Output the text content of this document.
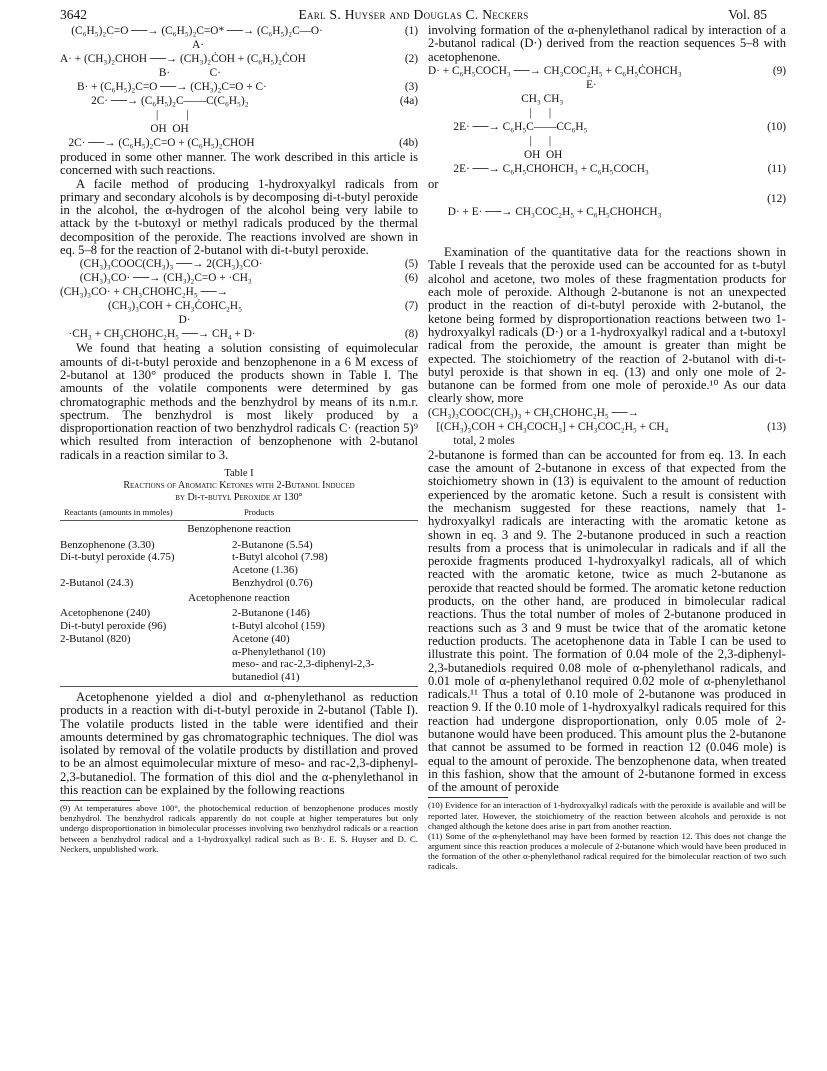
3642	Earl S. Huyser and Douglas C. Neckers	Vol. 85
(C₆H₅)₂C=O ──→ (C₆H₅)₂C=O* ──→ (C₆H₅)₂C—O·	(1)
A·
A· + (CH₃)₂CHOH ──→ (CH₃)₂ĊOH + (C₆H₅)₂ĊOH	(2)
B·              C·
B· + (C₆H₅)₂C=O ──→ (CH₃)₂C=O + C·	(3)
2C· ──→ (C₆H₅)₂C——C(C₆H₅)₂	(4a)
|          |
OH  OH
2C· ──→ (C₆H₅)₂C=O + (C₆H₅)₂CHOH	(4b)

produced in some other manner. The work described in this article is concerned with such reactions.

A facile method of producing 1-hydroxyalkyl radicals from primary and secondary alcohols is by decomposing di-t-butyl peroxide in the alcohol, the α-hydrogen of the alcohol being very labile to attack by the t-butoxyl or methyl radicals produced by the thermal decomposition of the peroxide. The reactions involved are shown in eq. 5–8 for the reaction of 2-butanol with di-t-butyl peroxide.

(CH₃)₃COOC(CH₃)₃ ──→ 2(CH₃)₃CO·	(5)
(CH₃)₃CO· ──→ (CH₃)₂C=O + ·CH₃	(6)
(CH₃)₃CO· + CH₃CHOHC₂H₅ ──→
(CH₃)₃COH + CH₃ĊOHC₂H₅	(7)
D·
·CH₃ + CH₃CHOHC₂H₅ ──→ CH₄ + D·	(8)

We found that heating a solution consisting of equimolecular amounts of di-t-butyl peroxide and benzophenone in a 6 M excess of 2-butanol at 130° produced the products shown in Table I. The amounts of the volatile components were determined by gas chromatographic methods and the benzhydrol by means of its n.m.r. spectrum. The benzhydrol is most likely produced by a disproportionation reaction of two benzhydrol radicals C· (reaction 5)⁹ which resulted from interaction of benzophenone with 2-butanol radicals in a reaction similar to 3.

Table I
Reactions of Aromatic Ketones with 2-Butanol Induced
by Di-t-butyl Peroxide at 130°
Reactants (amounts in mmoles)	Products
Benzophenone reaction
Benzophenone (3.30)	2-Butanone (5.54)
Di-t-butyl peroxide (4.75)	t-Butyl alcohol (7.98)
Acetone (1.36)
2-Butanol (24.3)	Benzhydrol (0.76)
Acetophenone reaction
Acetophenone (240)	2-Butanone (146)
Di-t-butyl peroxide (96)	t-Butyl alcohol (159)
2-Butanol (820)	Acetone (40)
α-Phenylethanol (10)
meso- and rac-2,3-diphenyl-2,3-
butanediol (41)

Acetophenone yielded a diol and α-phenylethanol as reduction products in a reaction with di-t-butyl peroxide in 2-butanol (Table I). The volatile products listed in the table were identified and their amounts determined by gas chromatographic techniques. The diol was isolated by removal of the volatile products by distillation and proved to be an almost equimolecular mixture of meso- and rac-2,3-diphenyl-2,3-butanediol. The formation of this diol and the α-phenylethanol in this reaction can be explained by the following reactions

(9) At temperatures above 100°, the photochemical reduction of benzophenone produces mostly benzhydrol. The benzhydrol radicals apparently do not couple at higher temperatures but only undergo disproportionation in bimolecular processes involving two benzhydrol radicals or a reaction between a benzhydrol radical and a 1-hydroxyalkyl radical such as B·. E. S. Huyser and D. C. Neckers, unpublished work.

involving formation of the α-phenylethanol radical by interaction of a 2-butanol radical (D·) derived from the reaction sequences 5–8 with acetophenone.

D· + C₆H₅COCH₃ ──→ CH₃COC₂H₅ + C₆H₅ĊOHCH₃	(9)
E·
CH₃ CH₃
|      |
2E· ──→ C₆H₅C——CC₆H₅	(10)
|      |
OH  OH
2E· ──→ C₆H₅CHOHCH₃ + C₆H₅COCH₃	(11)
or

D· + E· ──→ CH₃COC₂H₅ + C₆H₅CHOHCH₃

(12)

Examination of the quantitative data for the reactions shown in Table I reveals that the peroxide used can be accounted for as t-butyl alcohol and acetone, two moles of these fragmentation products for each mole of peroxide. Although 2-butanone is not an unexpected product in the reaction of di-t-butyl peroxide with 2-butanol, the ketone being formed by disproportionation reactions between two 1-hydroxyalkyl radicals (D·) or a 1-hydroxyalkyl radical and a t-butoxyl radical from the peroxide, the amount is greater than might be expected. The stoichiometry of the reaction of 2-butanol with di-t-butyl peroxide is that shown in eq. (13) and only one mole of 2-butanone can be formed from one mole of peroxide.¹⁰ As our data clearly show, more

(CH₃)₃COOC(CH₃)₃ + CH₃CHOHC₂H₅ ──→
[(CH₃)₃COH + CH₃COCH₃] + CH₃COC₂H₅ + CH₄	(13)
total, 2 moles

2-butanone is formed than can be accounted for from eq. 13. In each case the amount of 2-butanone in excess of that expected from the stoichiometry shown in (13) is equivalent to the amount of reduction experienced by the aromatic ketone. Such a result is consistent with the mechanism suggested for these reactions, namely that 1-hydroxyalkyl radicals are interacting with the aromatic ketone as shown in eq. 3 and 9. The 2-butanone produced in such a reaction results from a process that is unimolecular in radicals and if all the peroxide fragments produced 1-hydroxyalkyl radicals, all of which reacted with the aromatic ketone, twice as much 2-butanone as peroxide that reacted should be formed. The aromatic ketone reduction products, on the other hand, are produced in bimolecular radical reactions. Thus the total number of moles of 2-butanone produced in reactions such as 3 and 9 must be twice that of the aromatic ketone reduction products. The acetophenone data in Table I can be used to illustrate this point. The formation of 0.04 mole of the 2,3-diphenyl-2,3-butanediols required 0.08 mole of α-phenylethanol radicals, and 0.01 mole of α-phenylethanol required 0.02 mole of α-phenylethanol radicals.¹¹ Thus a total of 0.10 mole of 2-butanone was produced in reaction 9. If the 0.10 mole of 1-hydroxyalkyl radicals required for this reaction had undergone disproportionation, only 0.05 mole of 2-butanone would have been produced. This amount plus the 2-butanone that cannot be assumed to be formed in reaction 12 (0.046 mole) is equal to the amount of peroxide. The benzophenone data, when treated in this fashion, show that the amount of 2-butanone formed in excess of the amount of peroxide

(10) Evidence for an interaction of 1-hydroxyalkyl radicals with the peroxide is available and will be reported later. However, the stoichiometry of the reaction between alcohols and peroxide is not changed although the ketone does arise in part from another reaction.

(11) Some of the α-phenylethanol may have been formed by reaction 12. This does not change the argument since this reaction produces a molecule of 2-butanone which would have been produced in the formation of the other α-phenylethanol radical required for the bimolecular reaction of two such radicals.
